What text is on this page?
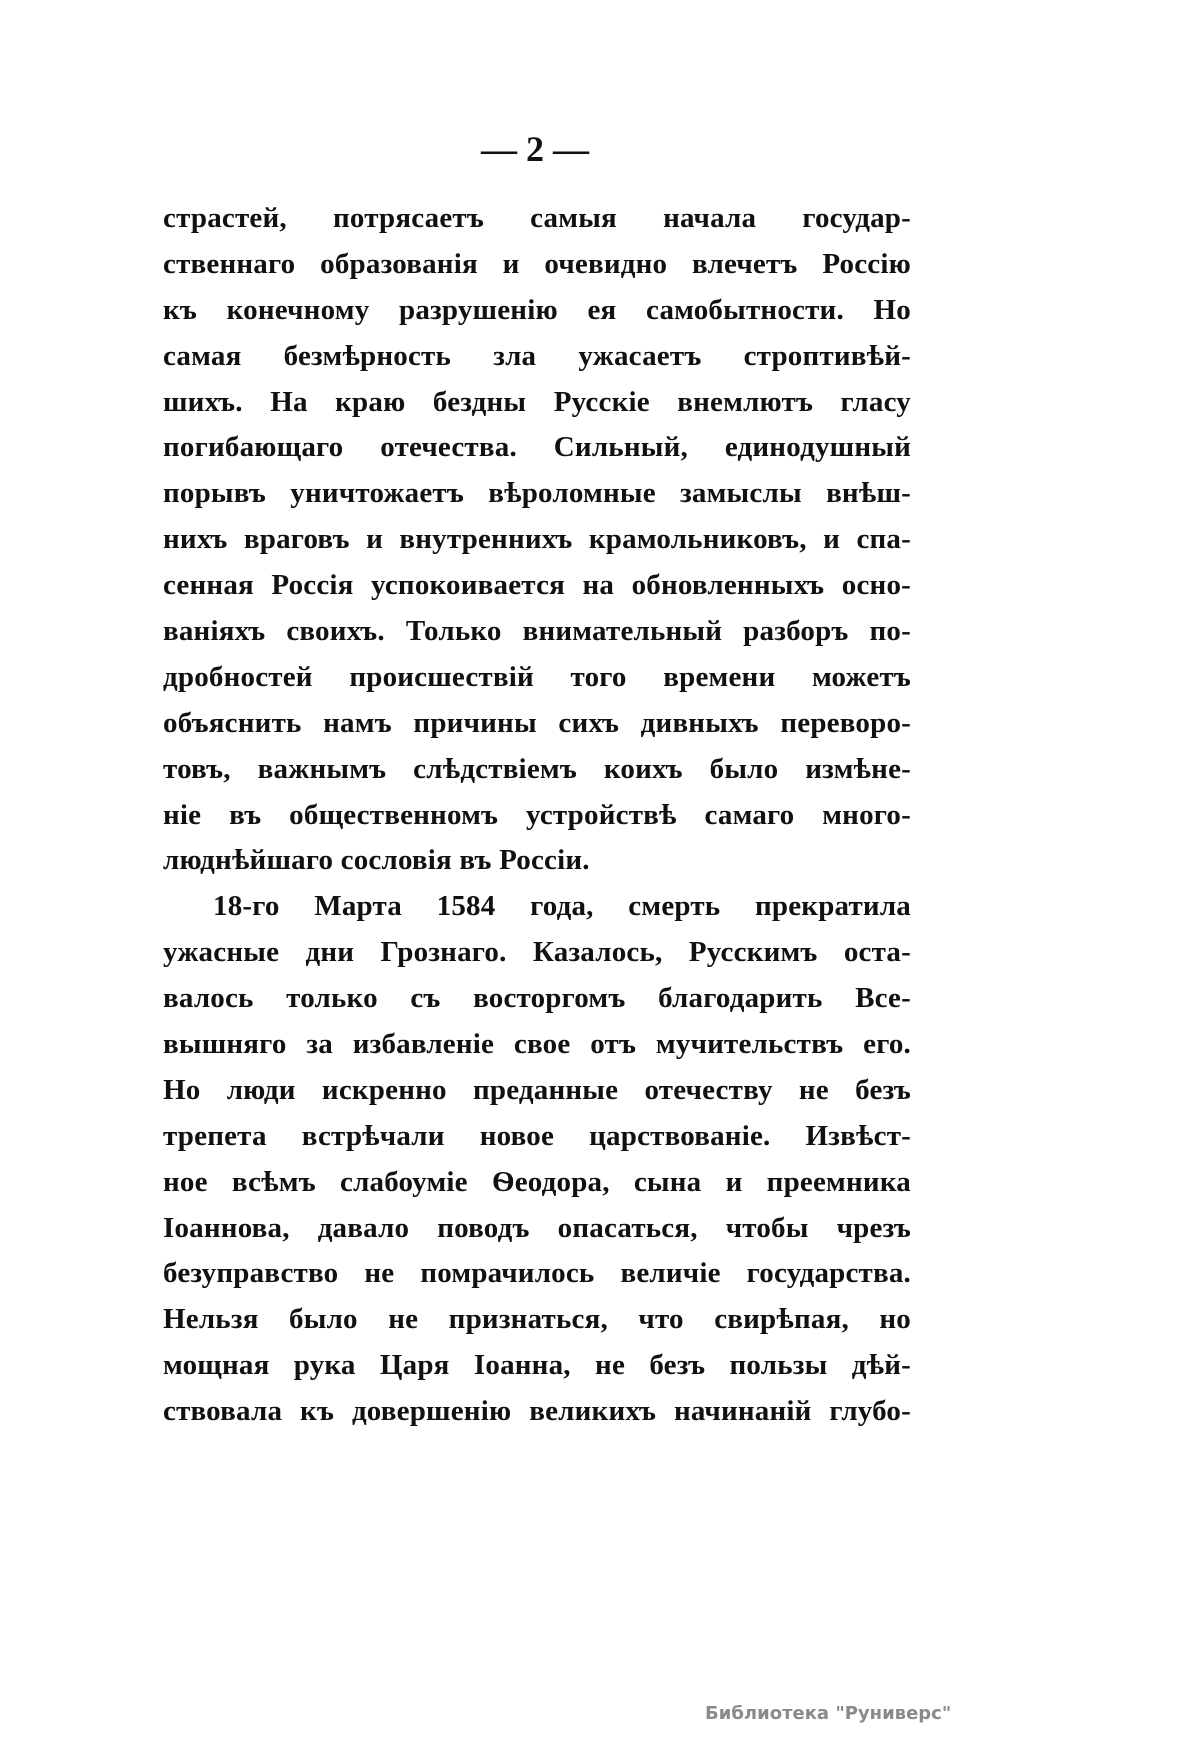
— 2 —
страстей, потрясаетъ самыя начала государ-
ственнаго образованія и очевидно влечетъ Россію
къ конечному разрушенію ея самобытности. Но
самая безмѣрность зла ужасаетъ строптивѣй-
шихъ. На краю бездны Русскіе внемлютъ гласу
погибающаго отечества. Сильный, единодушный
порывъ уничтожаетъ вѣроломные замыслы внѣш-
нихъ враговъ и внутреннихъ крамольниковъ, и спа-
сенная Россія успокоивается на обновленныхъ осно-
ваніяхъ своихъ. Только внимательный разборъ по-
дробностей происшествій того времени можетъ
объяснить намъ причины сихъ дивныхъ переворо-
товъ, важнымъ слѣдствіемъ коихъ было измѣне-
ніе въ общественномъ устройствѣ самаго много-
люднѣйшаго сословія въ Россіи.
18-го Марта 1584 года, смерть прекратила
ужасные дни Грознаго. Казалось, Русскимъ оста-
валось только съ восторгомъ благодарить Все-
вышняго за избавленіе свое отъ мучительствъ его.
Но люди искренно преданные отечеству не безъ
трепета встрѣчали новое царствованіе. Извѣст-
ное всѣмъ слабоуміе Ѳеодора, сына и преемника
Іоаннова, давало поводъ опасаться, чтобы чрезъ
безуправство не помрачилось величіе государства.
Нельзя было не признаться, что свирѣпая, но
мощная рука Царя Іоанна, не безъ пользы дѣй-
ствовала къ довершенію великихъ начинаній глубо-
Библиотека "Руниверс"
